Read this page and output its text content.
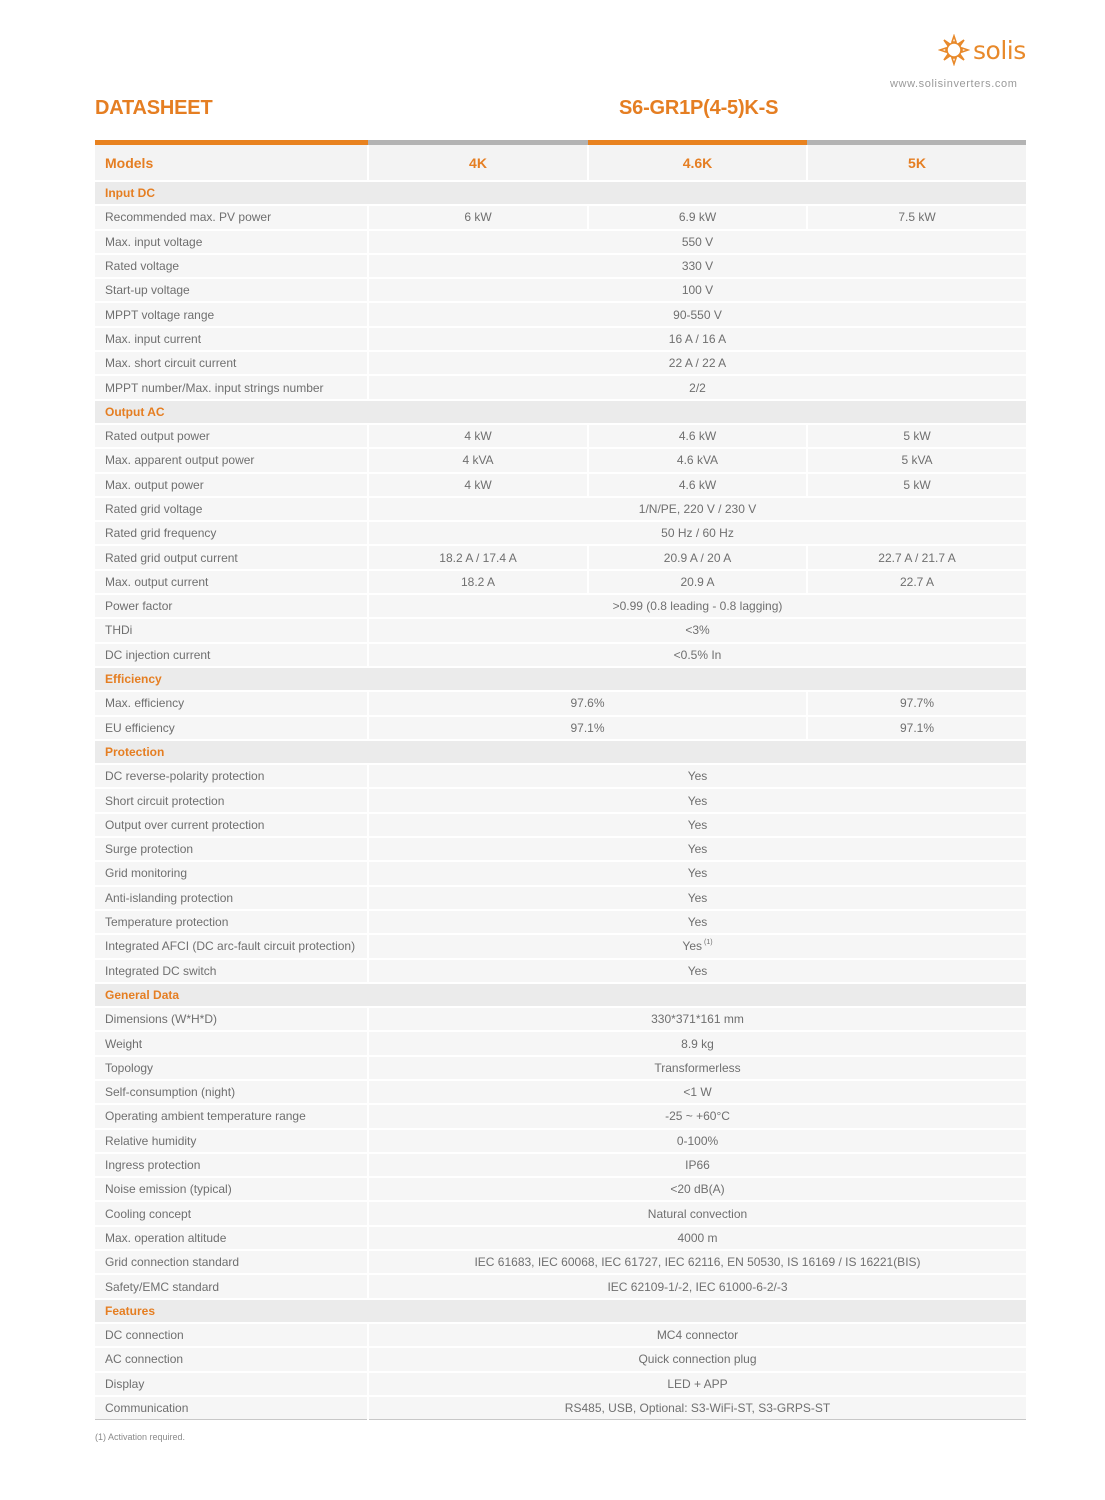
solis
www.solisinverters.com
DATASHEET	S6-GR1P(4-5)K-S
Models	4K	4.6K	5K
Input DC			
Recommended max. PV power	6 kW	6.9 kW	7.5 kW
Max. input voltage	550 V		
Rated voltage	330 V		
Start-up voltage	100 V		
MPPT voltage range	90-550 V		
Max. input current	16 A / 16 A		
Max. short circuit current	22 A / 22 A		
MPPT number/Max. input strings number	2/2		
Output AC			
Rated output power	4 kW	4.6 kW	5 kW
Max. apparent output power	4 kVA	4.6 kVA	5 kVA
Max. output power	4 kW	4.6 kW	5 kW
Rated grid voltage	1/N/PE, 220 V / 230 V		
Rated grid frequency	50 Hz / 60 Hz		
Rated grid output current	18.2 A / 17.4 A	20.9 A / 20 A	22.7 A / 21.7 A
Max. output current	18.2 A	20.9 A	22.7 A
Power factor	>0.99 (0.8 leading - 0.8 lagging)		
THDi	<3%		
DC injection current	<0.5% In		
Efficiency			
Max. efficiency	97.6%		97.7%
EU efficiency	97.1%		97.1%
Protection			
DC reverse-polarity protection	Yes		
Short circuit protection	Yes		
Output over current protection	Yes		
Surge protection	Yes		
Grid monitoring	Yes		
Anti-islanding protection	Yes		
Temperature protection	Yes		
Integrated AFCI (DC arc-fault circuit protection)	Yes $^{(1)}$
Integrated DC switch	Yes		
General Data			
Dimensions (W*H*D)	330*371*161 mm		
Weight	8.9 kg		
Topology	Transformerless		
Self-consumption (night)	<1 W		
Operating ambient temperature range	-25 ~ +60°C		
Relative humidity	0-100%		
Ingress protection	IP66		
Noise emission (typical)	<20 dB(A)		
Cooling concept	Natural convection		
Max. operation altitude	4000 m		
Grid connection standard	IEC 61683, IEC 60068, IEC 61727, IEC 62116, EN 50530, IS 16169 / IS 16221(BIS)		
Safety/EMC standard	IEC 62109-1/-2, IEC 61000-6-2/-3		
Features			
DC connection	MC4 connector		
AC connection	Quick connection plug		
Display	LED + APP		
Communication	RS485, USB, Optional: S3-WiFi-ST, S3-GRPS-ST		
(1) Activation required.
